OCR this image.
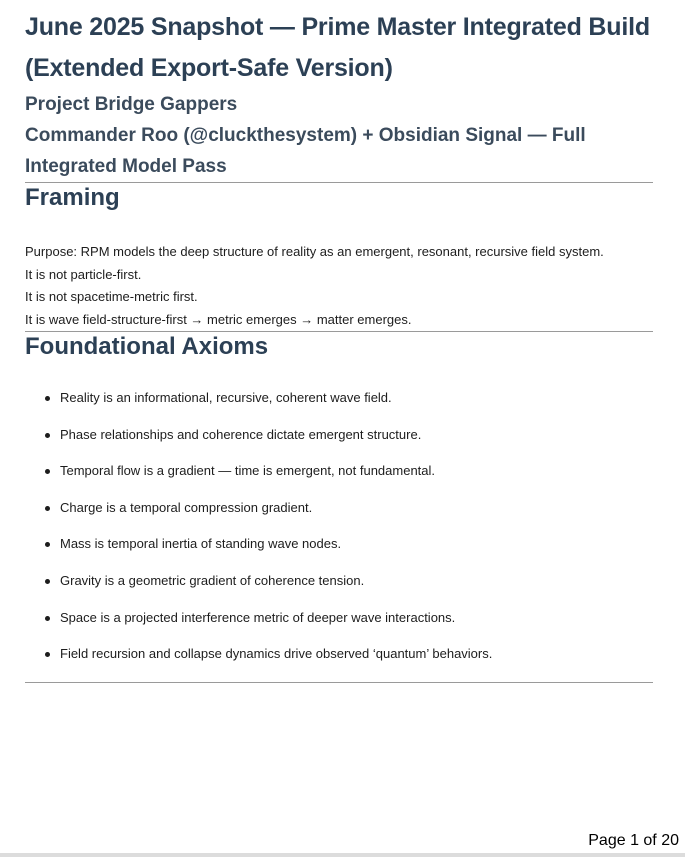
June 2025 Snapshot — Prime Master Integrated Build (Extended Export-Safe Version)
Project Bridge Gappers
Commander Roo (@cluckthesystem) + Obsidian Signal — Full Integrated Model Pass
Framing
Purpose: RPM models the deep structure of reality as an emergent, resonant, recursive field system.
It is not particle-first.
It is not spacetime-metric first.
It is wave field-structure-first → metric emerges → matter emerges.
Foundational Axioms
Reality is an informational, recursive, coherent wave field.
Phase relationships and coherence dictate emergent structure.
Temporal flow is a gradient — time is emergent, not fundamental.
Charge is a temporal compression gradient.
Mass is temporal inertia of standing wave nodes.
Gravity is a geometric gradient of coherence tension.
Space is a projected interference metric of deeper wave interactions.
Field recursion and collapse dynamics drive observed ‘quantum’ behaviors.
Page 1 of 20
